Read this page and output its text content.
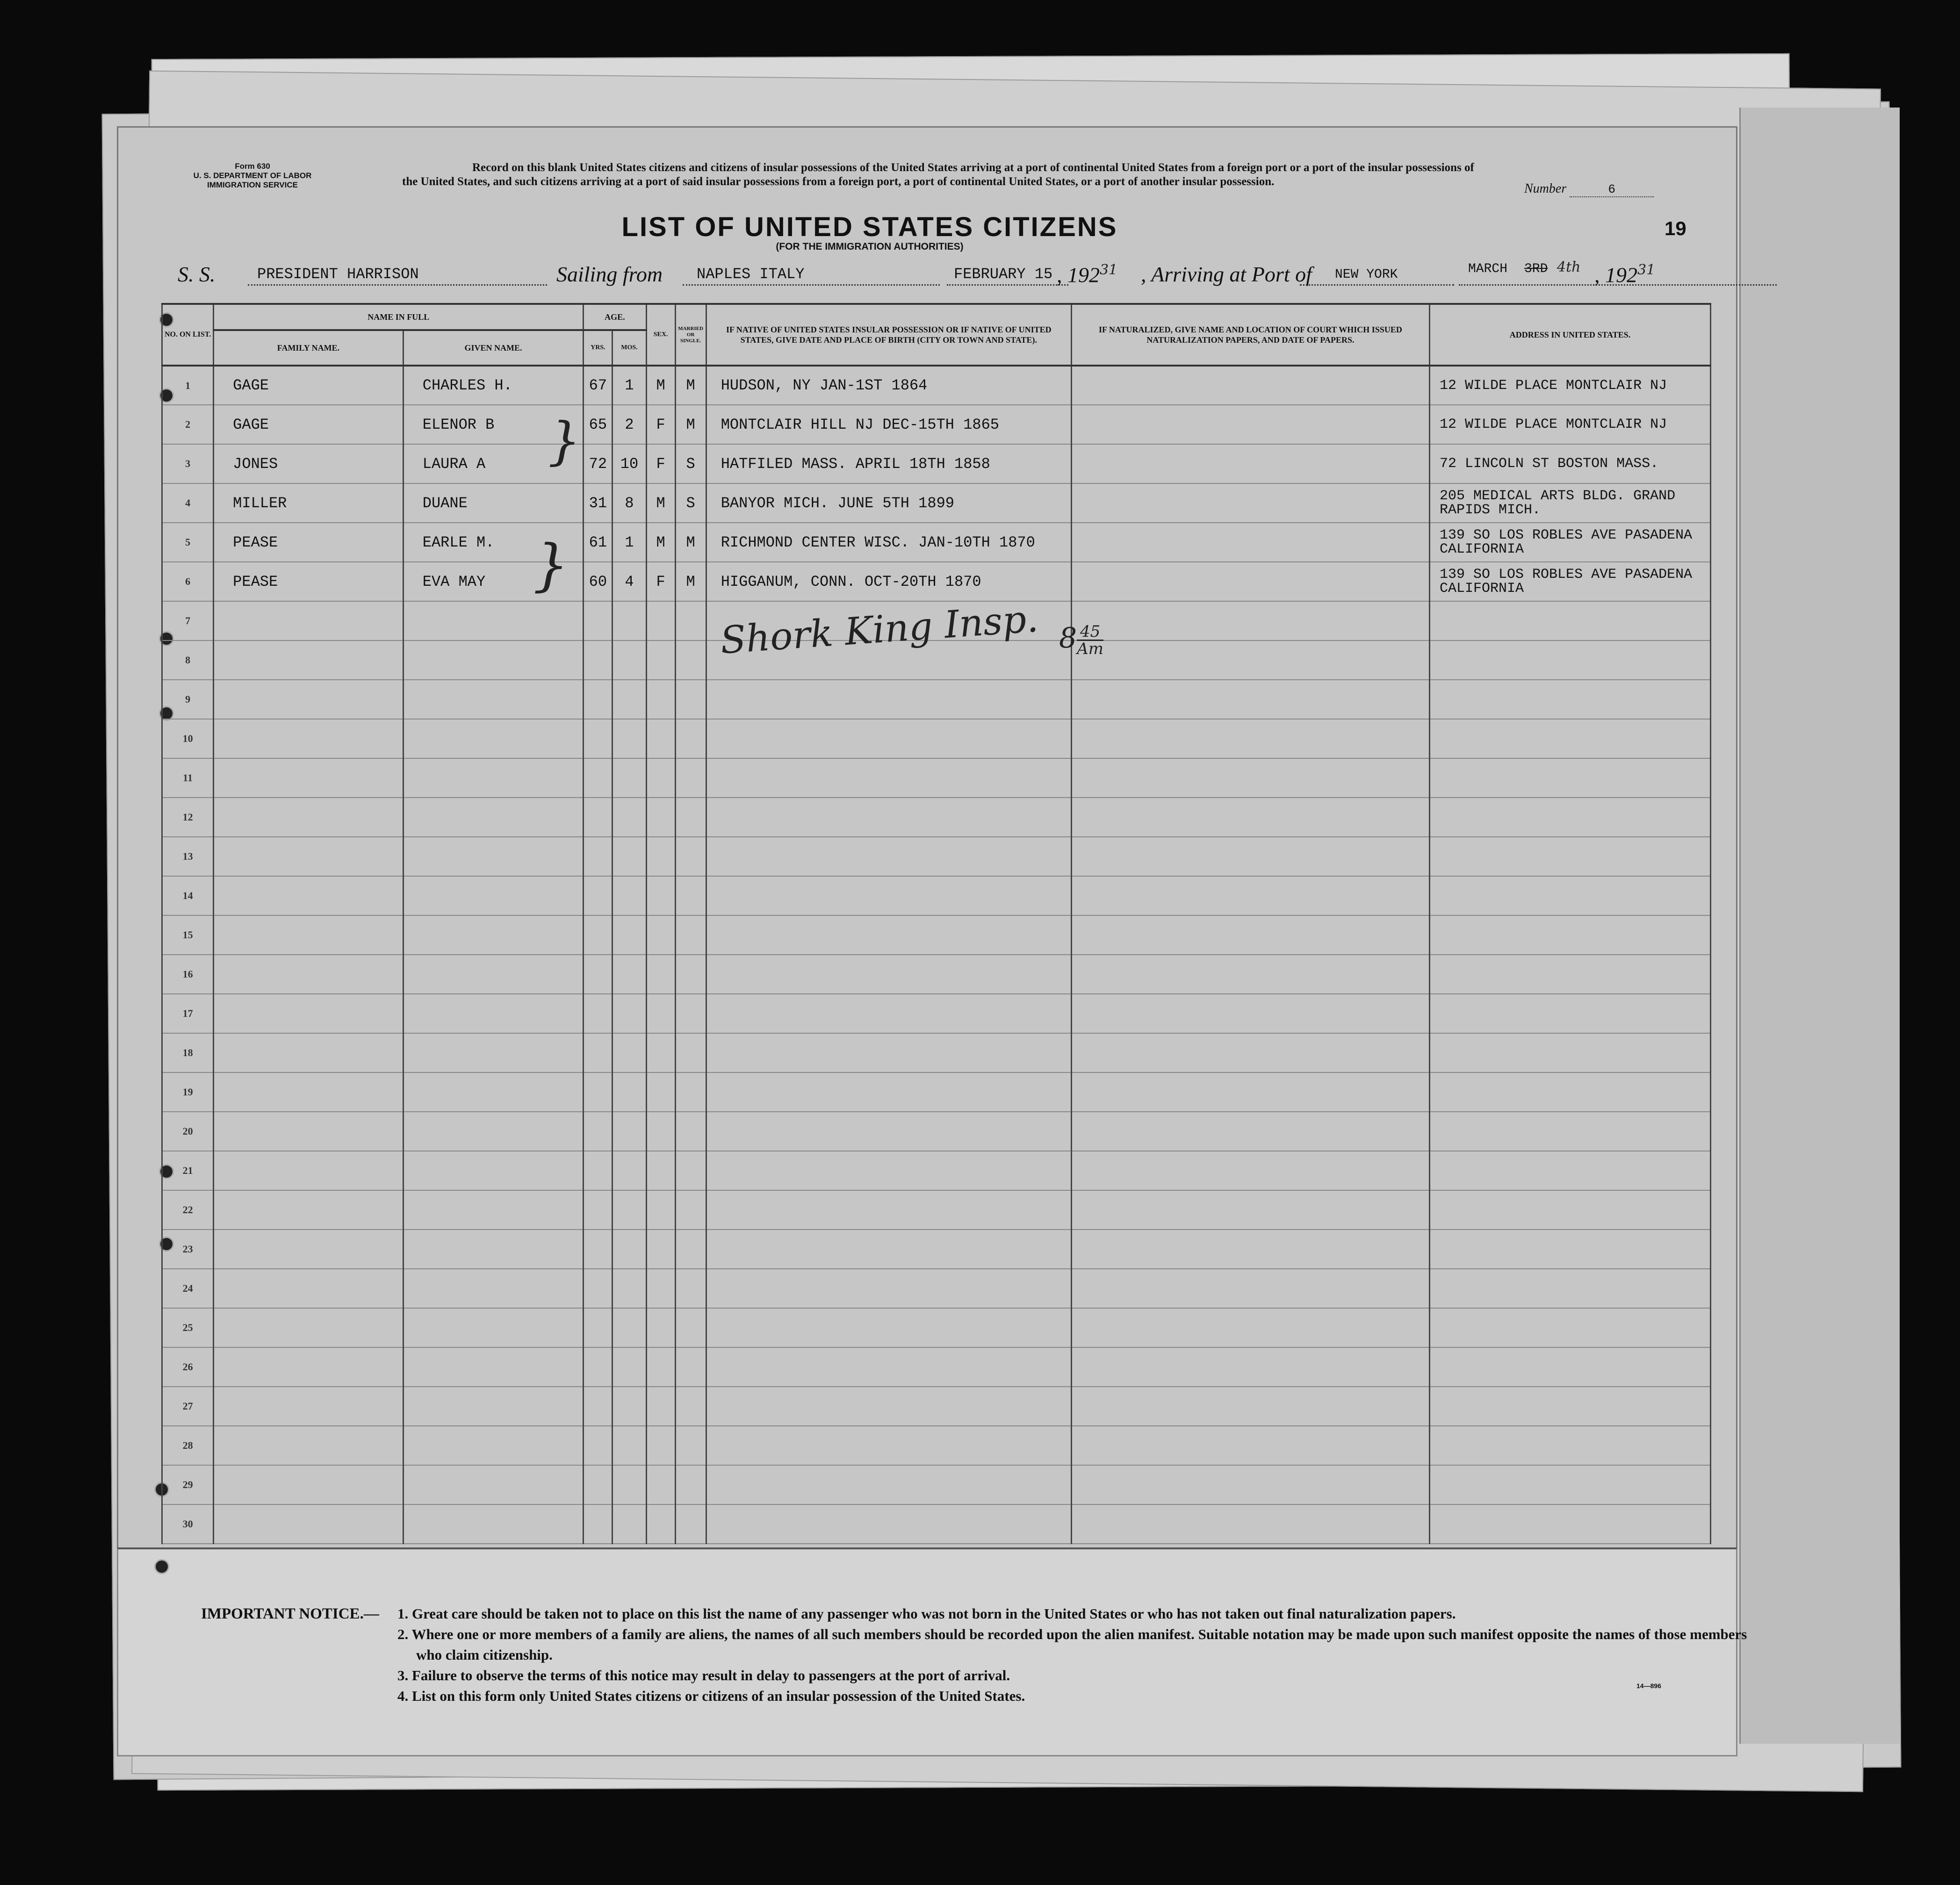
Form 630
U. S. DEPARTMENT OF LABOR
IMMIGRATION SERVICE
Record on this blank United States citizens and citizens of insular possessions of the United States arriving at a port of continental United States from a foreign port or a port of the insular possessions of the United States, and such citizens arriving at a port of said insular possessions from a foreign port, a port of continental United States, or a port of another insular possession.	Number	6
LIST OF UNITED STATES CITIZENS
(FOR THE IMMIGRATION AUTHORITIES)
19
S. S.	PRESIDENT HARRISON	Sailing from NAPLES ITALY	FEBRUARY 15 , $192^{31}$ , Arriving at Port of NEW YORK	MARCH 3RD 4th , $192^{31}$
NO. ON LIST.	NAME IN FULL		AGE.		SEX.	MARRIED OR SINGLE.	IF NATIVE OF UNITED STATES INSULAR POSSESSION OR IF NATIVE OF UNITED STATES, GIVE DATE AND PLACE OF BIRTH (CITY OR TOWN AND STATE).	IF NATURALIZED, GIVE NAME AND LOCATION OF COURT WHICH ISSUED NATURALIZATION PAPERS, AND DATE OF PAPERS.	ADDRESS IN UNITED STATES.
	FAMILY NAME.	GIVEN NAME.	YRS.	MOS.					
1	GAGE	CHARLES H.	67	1	M	M	HUDSON, NY JAN-1ST 1864		12 WILDE PLACE MONTCLAIR NJ
2	GAGE	ELENOR B	65	2	F	M	MONTCLAIR HILL NJ DEC-15TH 1865		12 WILDE PLACE MONTCLAIR NJ
3	JONES	LAURA A	72	10	F	S	HATFILED MASS. APRIL 18TH 1858		72 LINCOLN ST BOSTON MASS.
4	MILLER	DUANE	31	8	M	S	BANYOR MICH. JUNE 5TH 1899		205 MEDICAL ARTS BLDG. GRAND RAPIDS MICH.
5	PEASE	EARLE M.	61	1	M	M	RICHMOND CENTER WISC. JAN-10TH 1870		139 SO LOS ROBLES AVE PASADENA CALIFORNIA
6	PEASE	EVA MAY	60	4	F	M	HIGGANUM, CONN. OCT-20TH 1870		139 SO LOS ROBLES AVE PASADENA CALIFORNIA
7									
8									
9									
10									
11									
12									
13									
14									
15									
16									
17									
18									
19									
20									
21									
22									
23									
24									
25									
26									
27									
28									
29									
30									
Shork King Insp. $8 \frac{45}{Am}$
}
}
IMPORTANT NOTICE.—	1. Great care should be taken not to place on this list the name of any passenger who was not born in the United States or who has not taken out final naturalization papers.
2. Where one or more members of a family are aliens, the names of all such members should be recorded upon the alien manifest. Suitable notation may be made upon such manifest opposite the names of those members who claim citizenship.
3. Failure to observe the terms of this notice may result in delay to passengers at the port of arrival.
4. List on this form only United States citizens or citizens of an insular possession of the United States.
14—896
